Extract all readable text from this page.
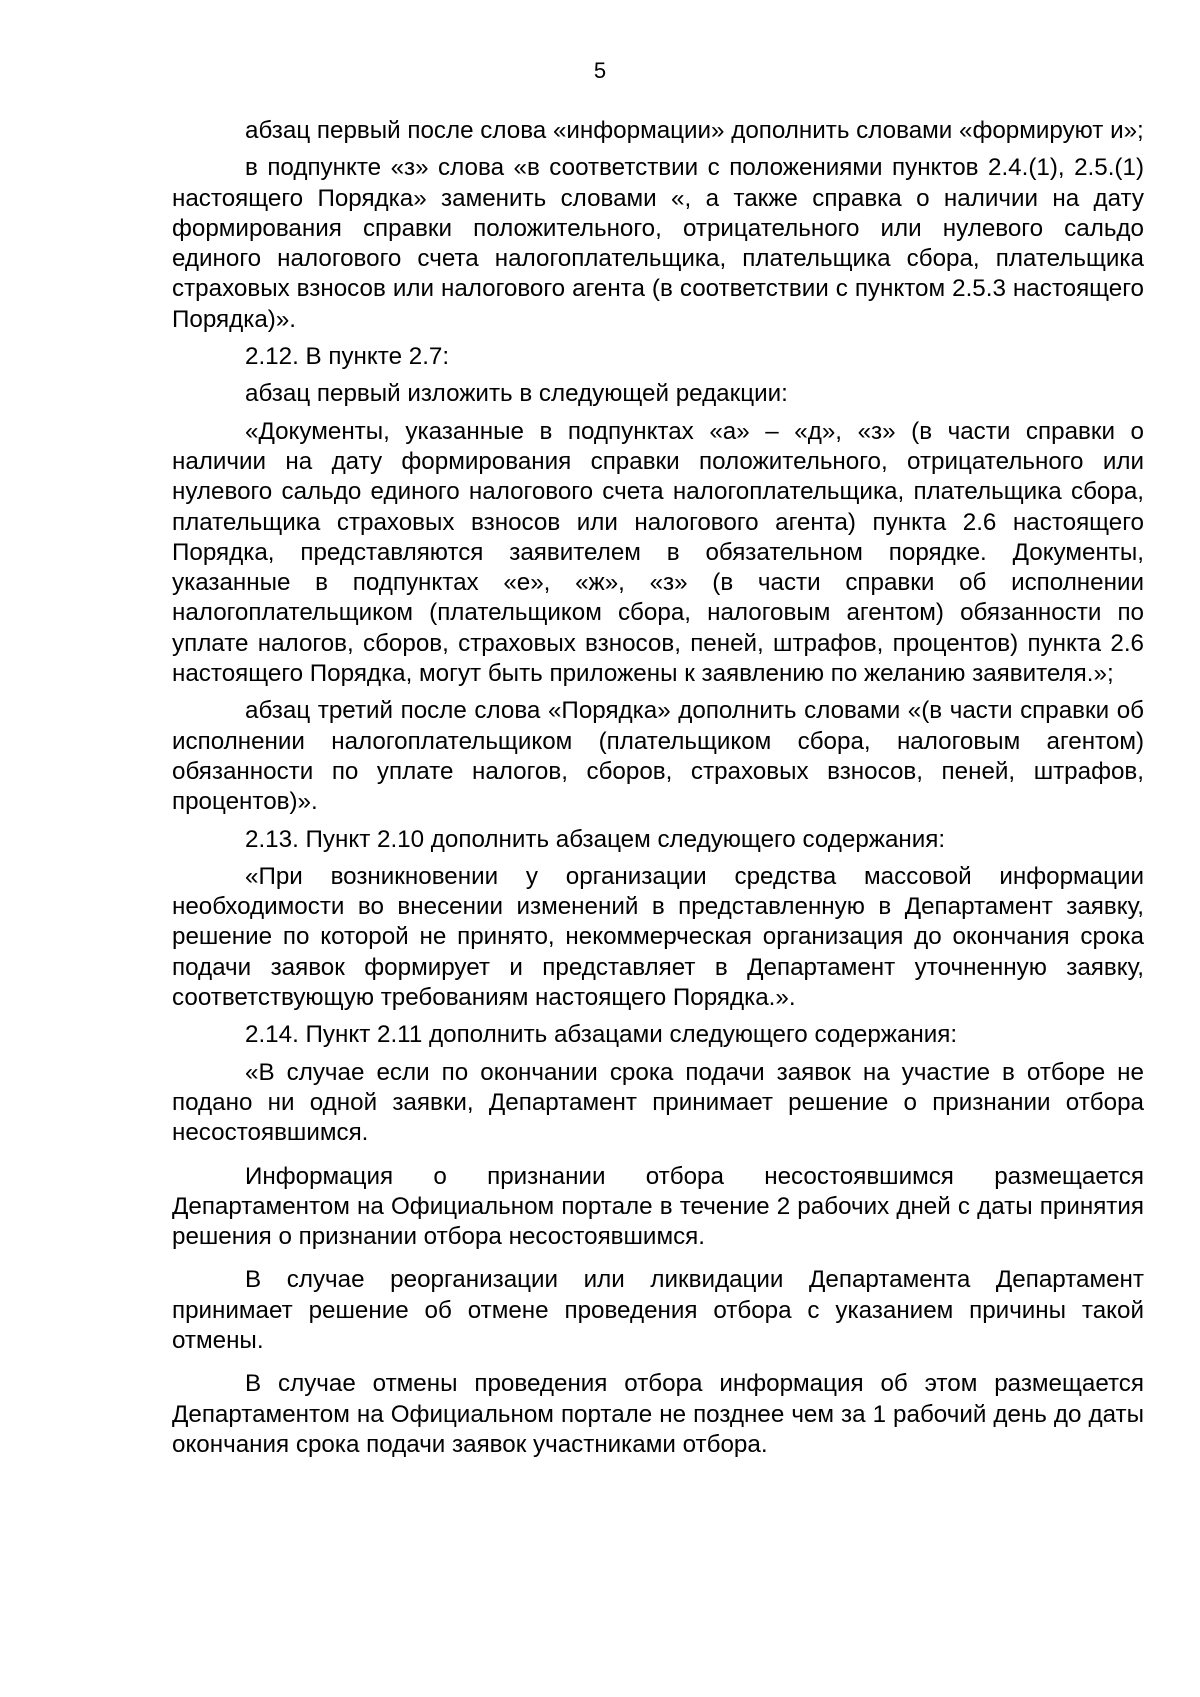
5

абзац первый после слова «информации» дополнить словами «формируют и»;

в подпункте «з» слова «в соответствии с положениями пунктов 2.4.(1), 2.5.(1) настоящего Порядка» заменить словами «, а также справка о наличии на дату формирования справки положительного, отрицательного или нулевого сальдо единого налогового счета налогоплательщика, плательщика сбора, плательщика страховых взносов или налогового агента (в соответствии с пунктом 2.5.3 настоящего Порядка)».

2.12. В пункте 2.7:

абзац первый изложить в следующей редакции:

«Документы, указанные в подпунктах «а» – «д», «з» (в части справки о наличии на дату формирования справки положительного, отрицательного или нулевого сальдо единого налогового счета налогоплательщика, плательщика сбора, плательщика страховых взносов или налогового агента) пункта 2.6 настоящего Порядка, представляются заявителем в обязательном порядке. Документы, указанные в подпунктах «е», «ж», «з» (в части справки об исполнении налогоплательщиком (плательщиком сбора, налоговым агентом) обязанности по уплате налогов, сборов, страховых взносов, пеней, штрафов, процентов) пункта 2.6 настоящего Порядка, могут быть приложены к заявлению по желанию заявителя.»;

абзац третий после слова «Порядка» дополнить словами «(в части справки об исполнении налогоплательщиком (плательщиком сбора, налоговым агентом) обязанности по уплате налогов, сборов, страховых взносов, пеней, штрафов, процентов)».

2.13. Пункт 2.10 дополнить абзацем следующего содержания:

«При возникновении у организации средства массовой информации необходимости во внесении изменений в представленную в Департамент заявку, решение по которой не принято, некоммерческая организация до окончания срока подачи заявок формирует и представляет в Департамент уточненную заявку, соответствующую требованиям настоящего Порядка.».

2.14. Пункт 2.11 дополнить абзацами следующего содержания:

«В случае если по окончании срока подачи заявок на участие в отборе не подано ни одной заявки, Департамент принимает решение о признании отбора несостоявшимся.

Информация о признании отбора несостоявшимся размещается Департаментом на Официальном портале в течение 2 рабочих дней с даты принятия решения о признании отбора несостоявшимся.

В случае реорганизации или ликвидации Департамента Департамент принимает решение об отмене проведения отбора с указанием причины такой отмены.

В случае отмены проведения отбора информация об этом размещается Департаментом на Официальном портале не позднее чем за 1 рабочий день до даты окончания срока подачи заявок участниками отбора.
